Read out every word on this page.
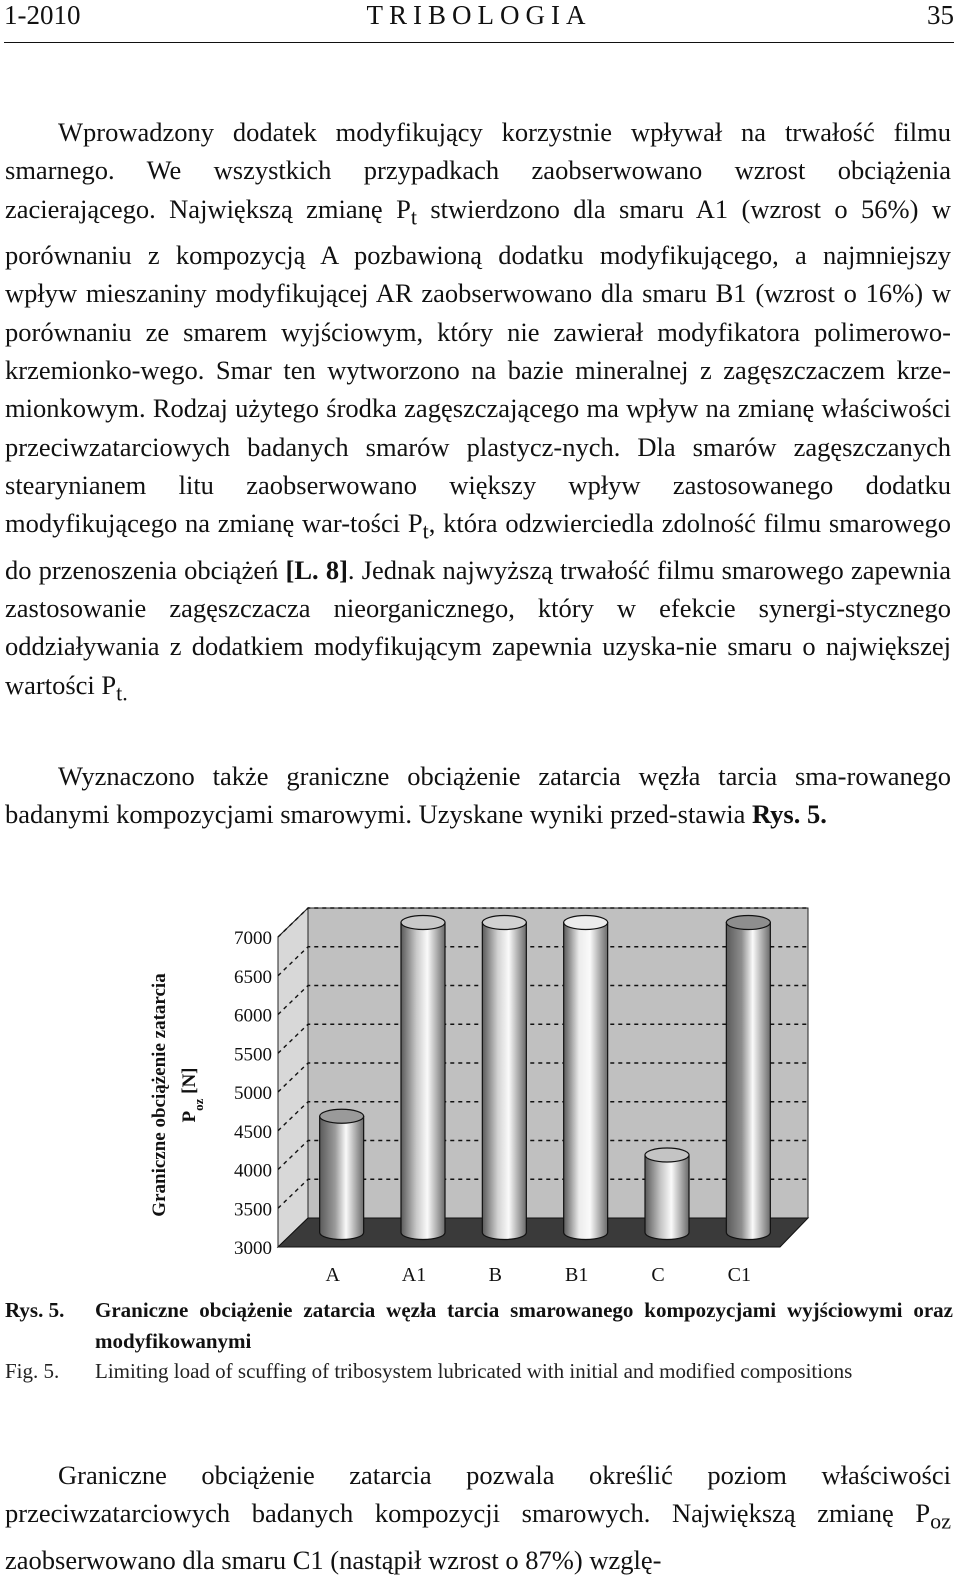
1-2010	TRIBOLOGIA	35

Wprowadzony dodatek modyfikujący korzystnie wpływał na trwałość filmu smarnego. We wszystkich przypadkach zaobserwowano wzrost obciążenia zacierającego. Największą zmianę $P_t$ stwierdzono dla smaru A1 (wzrost o 56%) w porównaniu z kompozycją A pozbawioną dodatku modyfikującego, a najmniejszy wpływ mieszaniny modyfikującej AR zaobserwowano dla smaru B1 (wzrost o 16%) w porównaniu ze smarem wyjściowym, który nie zawierał modyfikatora polimerowo-krzemionko-wego. Smar ten wytworzono na bazie mineralnej z zagęszczaczem krze-mionkowym. Rodzaj użytego środka zagęszczającego ma wpływ na zmianę właściwości przeciwzatarciowych badanych smarów plastycz-nych. Dla smarów zagęszczanych stearynianem litu zaobserwowano większy wpływ zastosowanego dodatku modyfikującego na zmianę war-tości $P_t$, która odzwierciedla zdolność filmu smarowego do przenoszenia obciążeń [L. 8]. Jednak najwyższą trwałość filmu smarowego zapewnia zastosowanie zagęszczacza nieorganicznego, który w efekcie synergi-stycznego oddziaływania z dodatkiem modyfikującym zapewnia uzyska-nie smaru o największej wartości $P_{t.}$

Wyznaczono także graniczne obciążenie zatarcia węzła tarcia sma-rowanego badanymi kompozycjami smarowymi. Uzyskane wyniki przed-stawia Rys. 5.

3000
3500
4000
4500
5000
5500
6000
6500
7000
A	A1	B	B1	C	C1
Graniczne obciążenie zatarcia $P_{oz}$ [N]
Rys. 5. Graniczne obciążenie zatarcia węzła tarcia smarowanego kompozycjami wyjściowymi oraz modyfikowanymi
Fig. 5. Limiting load of scuffing of tribosystem lubricated with initial and modified compositions

Graniczne obciążenie zatarcia pozwala określić poziom właściwości przeciwzatarciowych badanych kompozycji smarowych. Największą zmianę $P_{oz}$ zaobserwowano dla smaru C1 (nastąpił wzrost o 87%) wzglę-
